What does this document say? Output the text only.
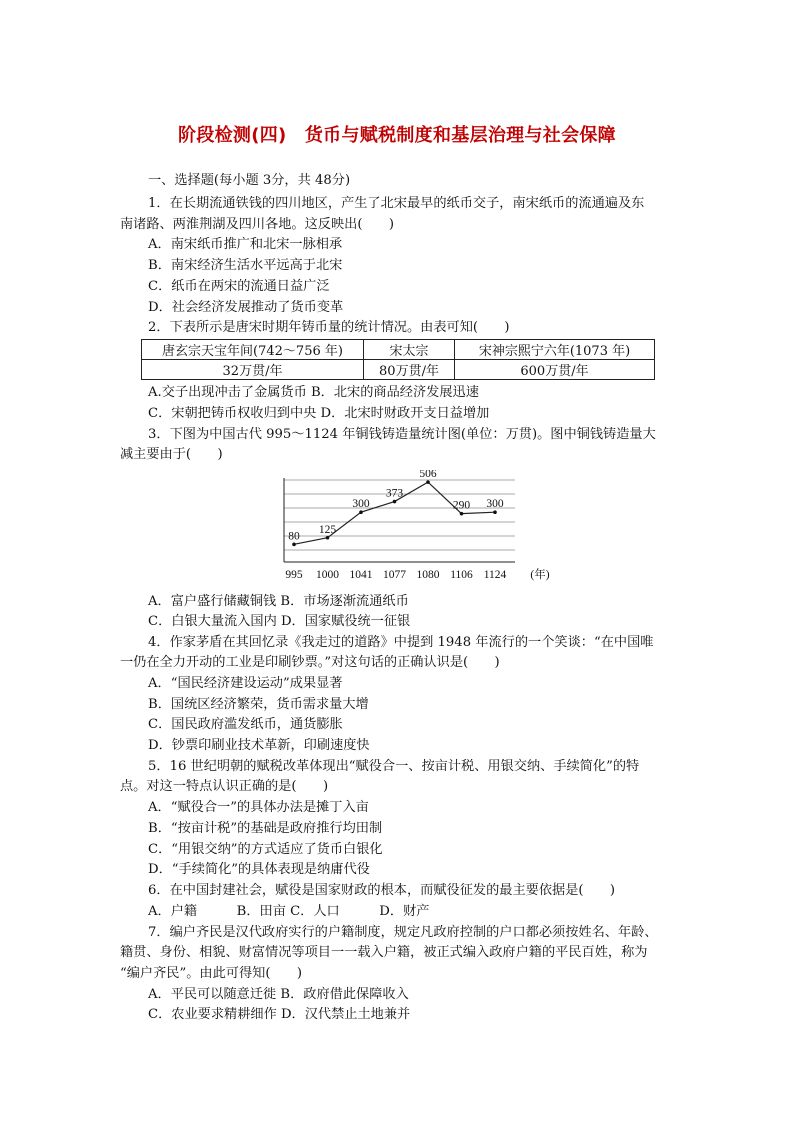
阶段检测(四)　货币与赋税制度和基层治理与社会保障
一、选择题(每小题 3分，共 48分)
1．在长期流通铁钱的四川地区，产生了北宋最早的纸币交子，南宋纸币的流通遍及东
南诸路、两淮荆湖及四川各地。这反映出(　　)
A．南宋纸币推广和北宋一脉相承
B．南宋经济生活水平远高于北宋
C．纸币在两宋的流通日益广泛
D．社会经济发展推动了货币变革
2．下表所示是唐宋时期年铸币量的统计情况。由表可知(　　)
唐玄宗天宝年间(742～756 年)	宋太宗	宋神宗熙宁六年(1073 年)
32万贯/年	80万贯/年	600万贯/年
A.交子出现冲击了金属货币 B．北宋的商品经济发展迅速
C．宋朝把铸币权收归到中央 D．北宋时财政开支日益增加
3．下图为中国古代 995～1124 年铜钱铸造量统计图(单位：万贯)。图中铜钱铸造量大
减主要由于(　　)
80
995
125
1000
300
1041
373
1077
506
1080
290
1106
300
1124 (年)
A．富户盛行储藏铜钱 B．市场逐渐流通纸币
C．白银大量流入国内 D．国家赋役统一征银
4．作家茅盾在其回忆录《我走过的道路》中提到 1948 年流行的一个笑谈：“在中国唯
一仍在全力开动的工业是印刷钞票。”对这句话的正确认识是(　　)
A．“国民经济建设运动”成果显著
B．国统区经济繁荣，货币需求量大增
C．国民政府滥发纸币，通货膨胀
D．钞票印刷业技术革新，印刷速度快
5．16 世纪明朝的赋税改革体现出“赋役合一、按亩计税、用银交纳、手续简化”的特
点。对这一特点认识正确的是(　　)
A．“赋役合一”的具体办法是摊丁入亩
B．“按亩计税”的基础是政府推行均田制
C．“用银交纳”的方式适应了货币白银化
D．“手续简化”的具体表现是纳庸代役
6．在中国封建社会，赋役是国家财政的根本，而赋役征发的最主要依据是(　　)
A．户籍　　　B．田亩 C．人口　　　D．财产
7．编户齐民是汉代政府实行的户籍制度，规定凡政府控制的户口都必须按姓名、年龄、
籍贯、身份、相貌、财富情况等项目一一载入户籍，被正式编入政府户籍的平民百姓，称为
“编户齐民”。由此可得知(　　)
A．平民可以随意迁徙 B．政府借此保障收入
C．农业要求精耕细作 D．汉代禁止土地兼并
